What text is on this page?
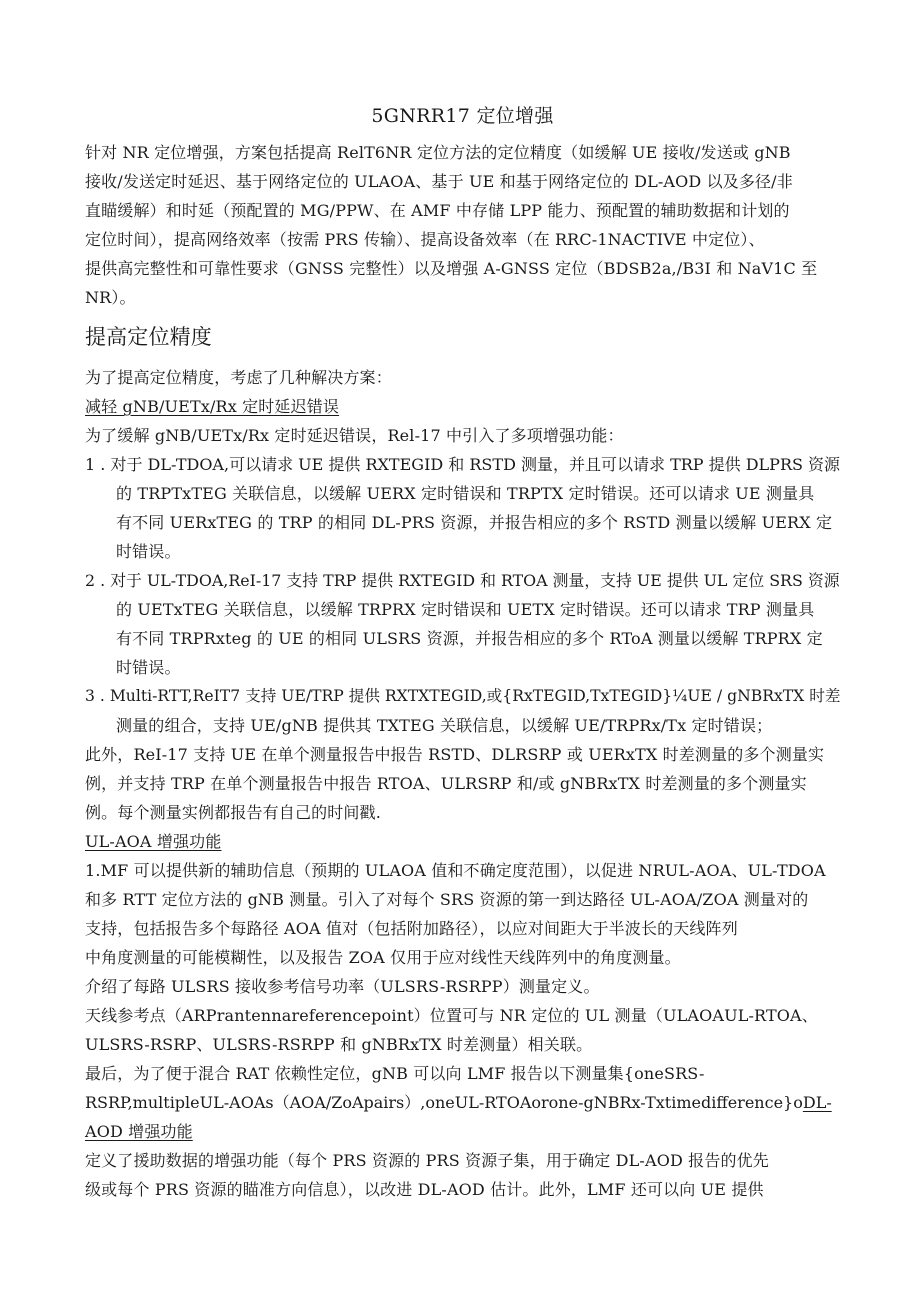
5GNRR17 定位增强
针对 NR 定位增强，方案包括提高 RelT6NR 定位方法的定位精度（如缓解 UE 接收/发送或 gNB
接收/发送定时延迟、基于网络定位的 ULAOA、基于 UE 和基于网络定位的 DL-AOD 以及多径/非
直瞄缓解）和时延（预配置的 MG/PPW、在 AMF 中存储 LPP 能力、预配置的辅助数据和计划的
定位时间），提高网络效率（按需 PRS 传输）、提高设备效率（在 RRC-1NACTIVE 中定位）、
提供高完整性和可靠性要求（GNSS 完整性）以及增强 A-GNSS 定位（BDSB2a,/B3I 和 NaV1C 至
NR）。
提高定位精度
为了提高定位精度，考虑了几种解决方案：
减轻 gNB/UETx/Rx 定时延迟错误
为了缓解 gNB/UETx/Rx 定时延迟错误，Rel-17 中引入了多项增强功能：
1 . 对于 DL-TDOA,可以请求 UE 提供 RXTEGID 和 RSTD 测量，并且可以请求 TRP 提供 DLPRS 资源
的 TRPTxTEG 关联信息，以缓解 UERX 定时错误和 TRPTX 定时错误。还可以请求 UE 测量具
有不同 UERxTEG 的 TRP 的相同 DL-PRS 资源，并报告相应的多个 RSTD 测量以缓解 UERX 定
时错误。
2 . 对于 UL-TDOA,ReI-17 支持 TRP 提供 RXTEGID 和 RTOA 测量，支持 UE 提供 UL 定位 SRS 资源
的 UETxTEG 关联信息，以缓解 TRPRX 定时错误和 UETX 定时错误。还可以请求 TRP 测量具
有不同 TRPRxteg 的 UE 的相同 ULSRS 资源，并报告相应的多个 RToA 测量以缓解 TRPRX 定
时错误。
3 . Multi-RTT,ReIT7 支持 UE/TRP 提供 RXTXTEGID,或{RxTEGID,TxTEGID}¼UE / gNBRxTX 时差
测量的组合，支持 UE/gNB 提供其 TXTEG 关联信息，以缓解 UE/TRPRx/Tx 定时错误；
此外，ReI-17 支持 UE 在单个测量报告中报告 RSTD、DLRSRP 或 UERxTX 时差测量的多个测量实
例，并支持 TRP 在单个测量报告中报告 RTOA、ULRSRP 和/或 gNBRxTX 时差测量的多个测量实
例。每个测量实例都报告有自己的时间戳.
UL-AOA 增强功能
1.MF 可以提供新的辅助信息（预期的 ULAOA 值和不确定度范围），以促进 NRUL-AOA、UL-TDOA
和多 RTT 定位方法的 gNB 测量。引入了对每个 SRS 资源的第一到达路径 UL-AOA/ZOA 测量对的
支持，包括报告多个每路径 AOA 值对（包括附加路径），以应对间距大于半波长的天线阵列
中角度测量的可能模糊性，以及报告 ZOA 仅用于应对线性天线阵列中的角度测量。
介绍了每路 ULSRS 接收参考信号功率（ULSRS-RSRPP）测量定义。
天线参考点（ARPrantennareferencepoint）位置可与 NR 定位的 UL 测量（ULAOAUL-RTOA、
ULSRS-RSRP、ULSRS-RSRPP 和 gNBRxTX 时差测量）相关联。
最后，为了便于混合 RAT 依赖性定位，gNB 可以向 LMF 报告以下测量集{oneSRS-
RSRP,multipleUL-AOAs（AOA/ZoApairs）,oneUL-RTOAorone-gNBRx-Txtimedifference}oDL-
AOD 增强功能
定义了援助数据的增强功能（每个 PRS 资源的 PRS 资源子集，用于确定 DL-AOD 报告的优先
级或每个 PRS 资源的瞄准方向信息），以改进 DL-AOD 估计。此外，LMF 还可以向 UE 提供
